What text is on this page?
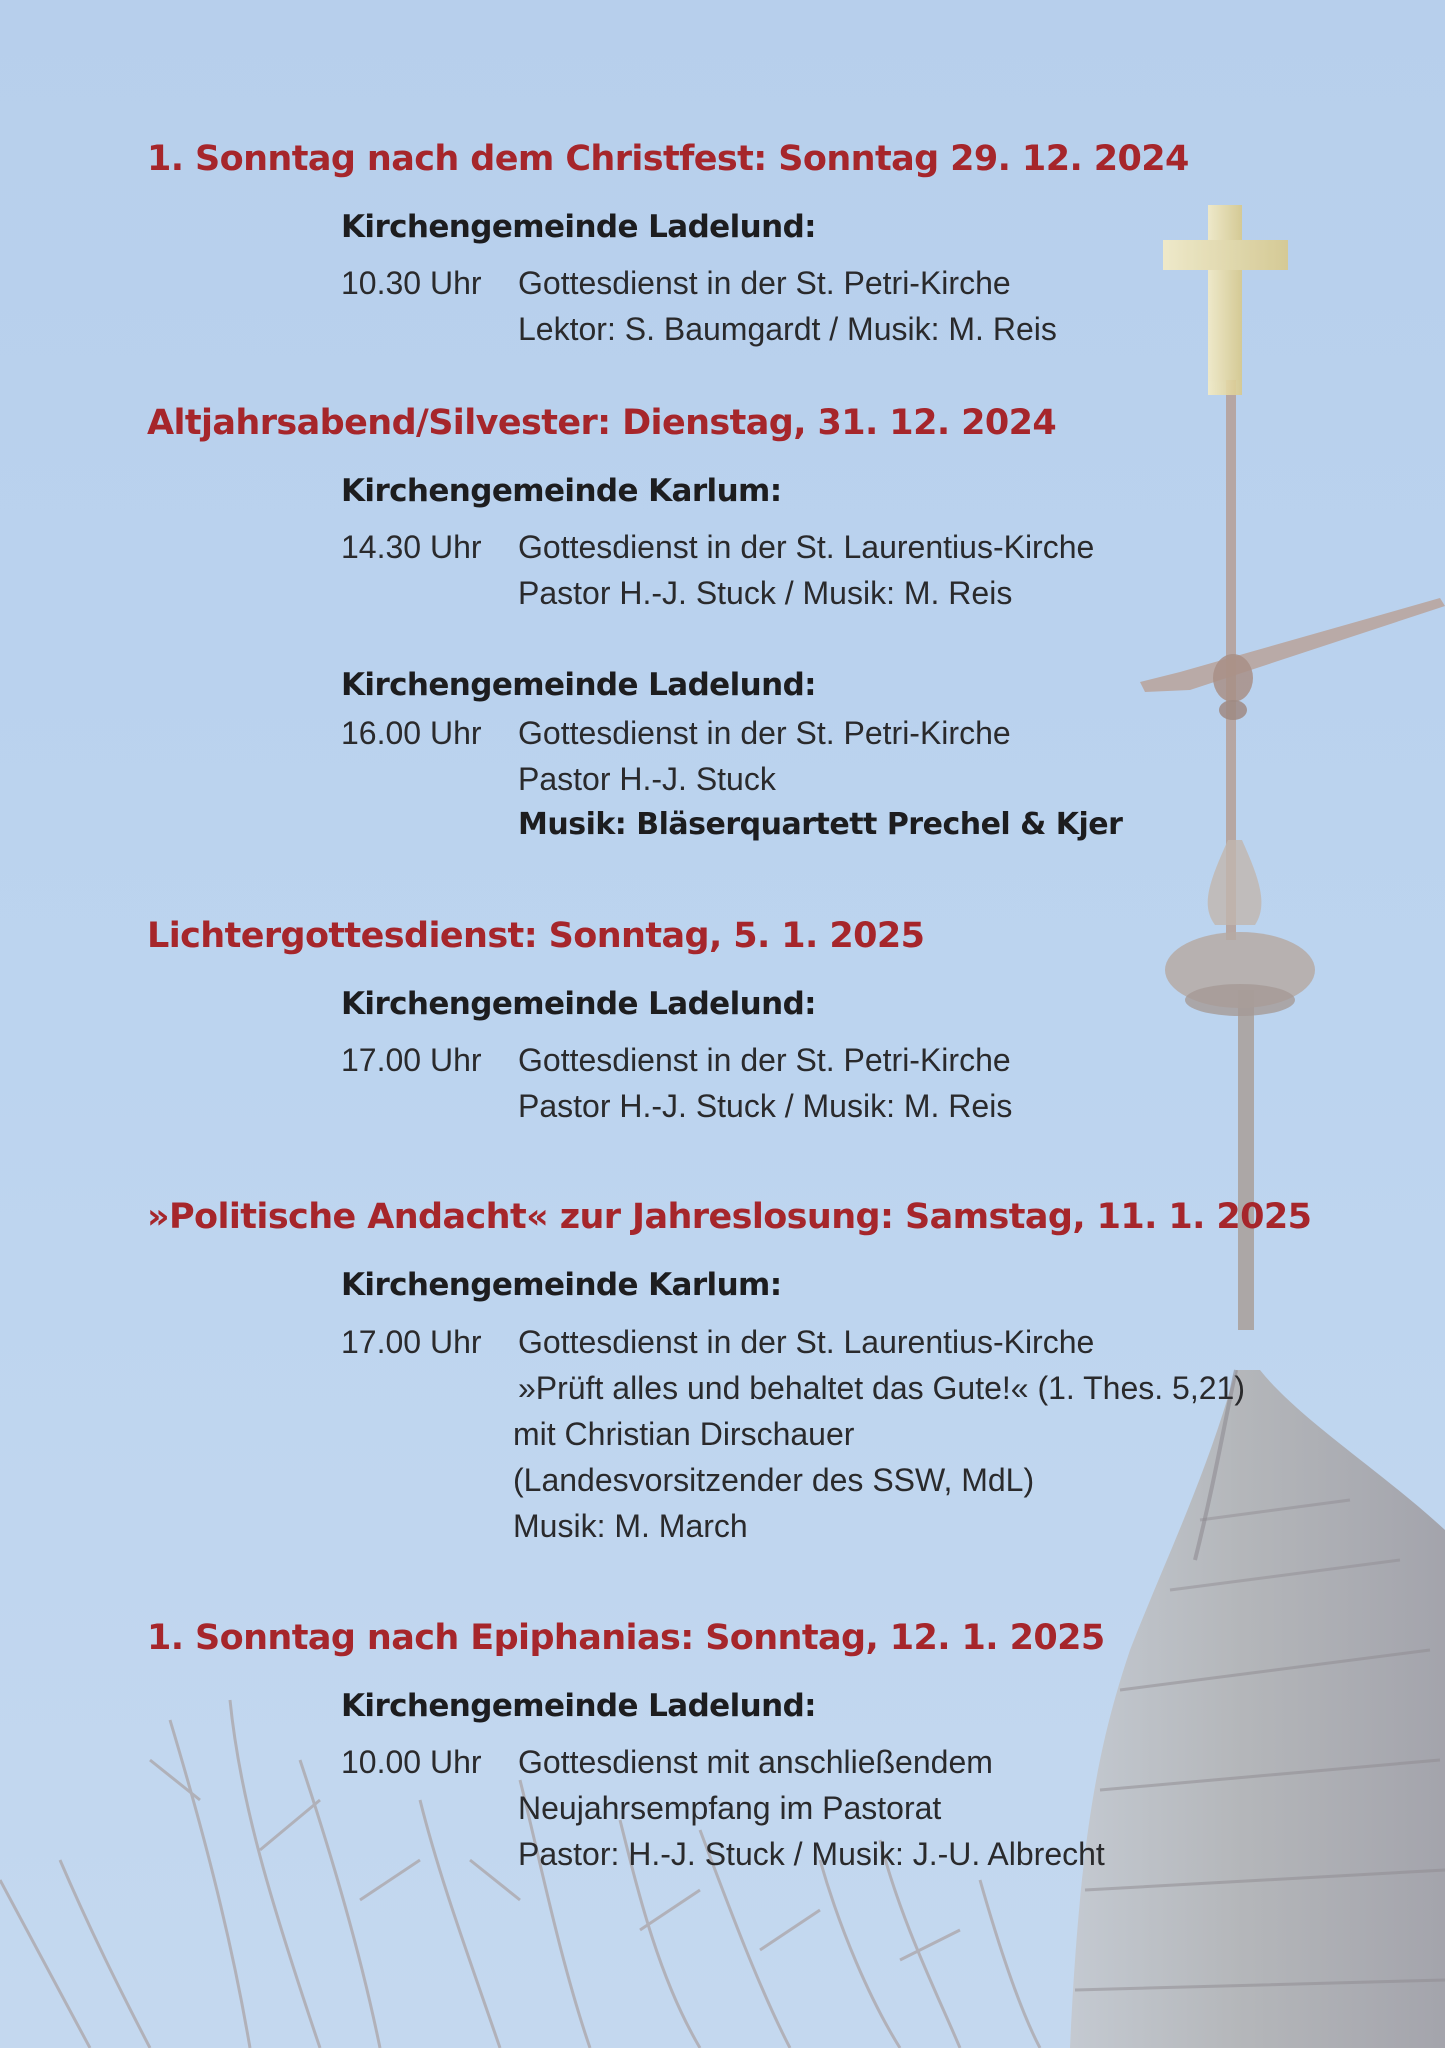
1. Sonntag nach dem Christfest: Sonntag 29. 12. 2024

Kirchengemeinde Ladelund:

10.30 Uhr Gottesdienst in der St. Petri-Kirche

Lektor: S. Baumgardt / Musik: M. Reis

Altjahrsabend/Silvester: Dienstag, 31. 12. 2024

Kirchengemeinde Karlum:

14.30 Uhr Gottesdienst in der St. Laurentius-Kirche

Pastor H.-J. Stuck / Musik: M. Reis

Kirchengemeinde Ladelund:

16.00 Uhr Gottesdienst in der St. Petri-Kirche

Pastor H.-J. Stuck

Musik: Bläserquartett Prechel & Kjer

Lichtergottesdienst: Sonntag, 5. 1. 2025

Kirchengemeinde Ladelund:

17.00 Uhr Gottesdienst in der St. Petri-Kirche

Pastor H.-J. Stuck / Musik: M. Reis

»Politische Andacht« zur Jahreslosung: Samstag, 11. 1. 2025

Kirchengemeinde Karlum:

17.00 Uhr Gottesdienst in der St. Laurentius-Kirche

»Prüft alles und behaltet das Gute!« (1. Thes. 5,21)

mit Christian Dirschauer

(Landesvorsitzender des SSW, MdL)

Musik: M. March

1. Sonntag nach Epiphanias: Sonntag, 12. 1. 2025

Kirchengemeinde Ladelund:

10.00 Uhr Gottesdienst mit anschließendem

Neujahrsempfang im Pastorat

Pastor: H.-J. Stuck / Musik: J.-U. Albrecht
